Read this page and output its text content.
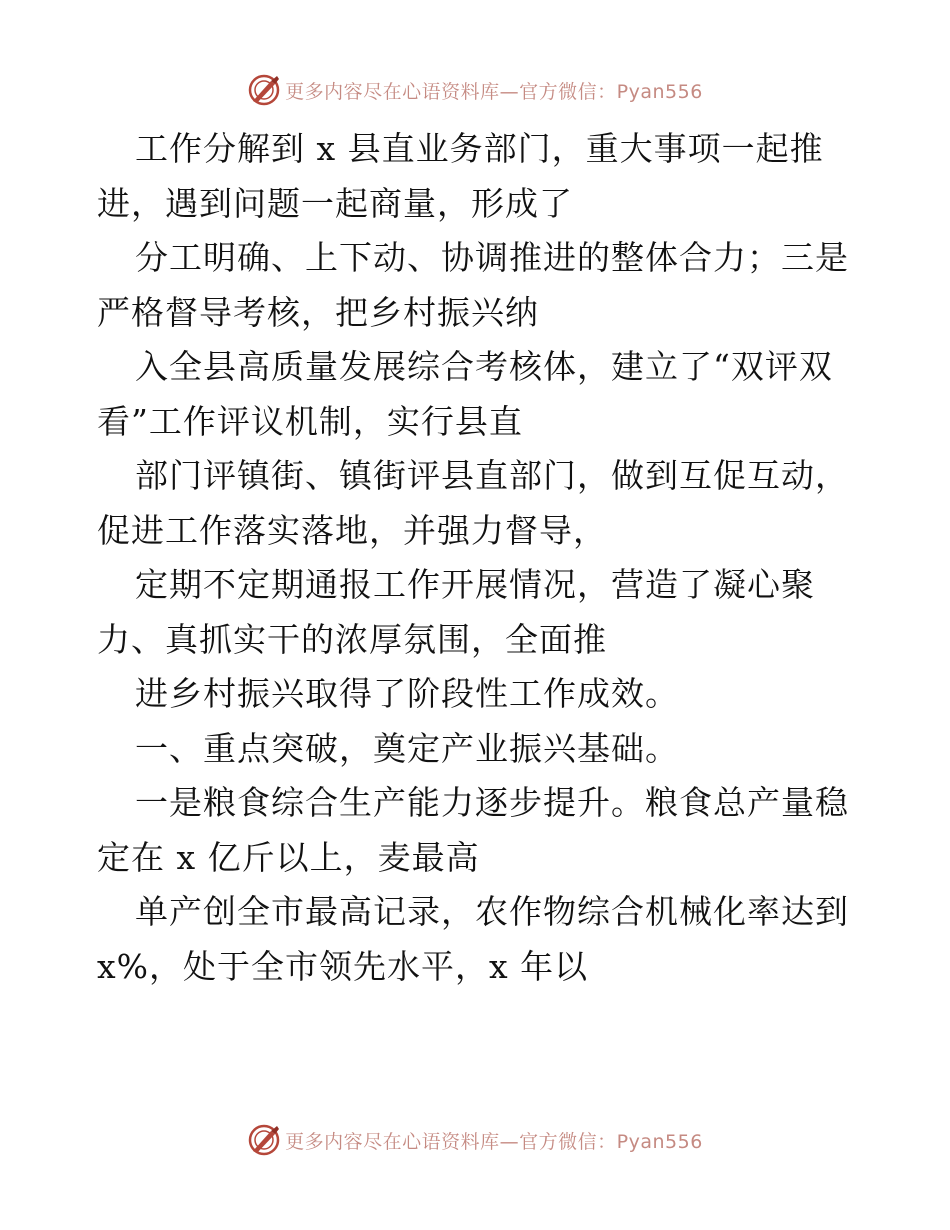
更多内容尽在心语资料库—官方微信：Pyan556
工作分解到 x 县直业务部门，重大事项一起推
进，遇到问题一起商量，形成了
分工明确、上下动、协调推进的整体合力；三是
严格督导考核，把乡村振兴纳
入全县高质量发展综合考核体，建立了“双评双
看”工作评议机制，实行县直
部门评镇街、镇街评县直部门，做到互促互动，
促进工作落实落地，并强力督导，
定期不定期通报工作开展情况，营造了凝心聚
力、真抓实干的浓厚氛围，全面推
进乡村振兴取得了阶段性工作成效。
一、重点突破，奠定产业振兴基础。
一是粮食综合生产能力逐步提升。粮食总产量稳
定在 x 亿斤以上，麦最高
单产创全市最高记录，农作物综合机械化率达到
x%，处于全市领先水平，x 年以
更多内容尽在心语资料库—官方微信：Pyan556
